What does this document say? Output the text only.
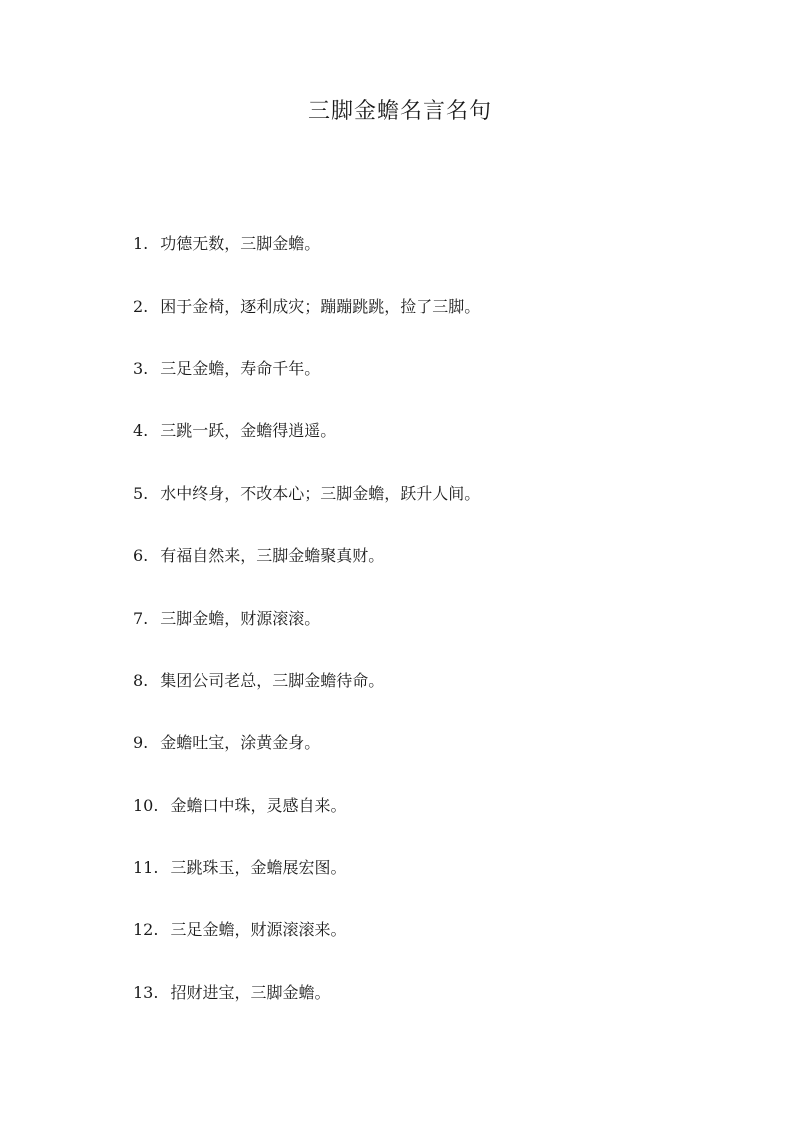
三脚金蟾名言名句
1. 功德无数，三脚金蟾。
2. 困于金椅，逐利成灾；蹦蹦跳跳，捡了三脚。
3. 三足金蟾，寿命千年。
4. 三跳一跃，金蟾得逍遥。
5. 水中终身，不改本心；三脚金蟾，跃升人间。
6. 有福自然来，三脚金蟾聚真财。
7. 三脚金蟾，财源滚滚。
8. 集团公司老总，三脚金蟾待命。
9. 金蟾吐宝，涂黄金身。
10. 金蟾口中珠，灵感自来。
11. 三跳珠玉，金蟾展宏图。
12. 三足金蟾，财源滚滚来。
13. 招财进宝，三脚金蟾。
